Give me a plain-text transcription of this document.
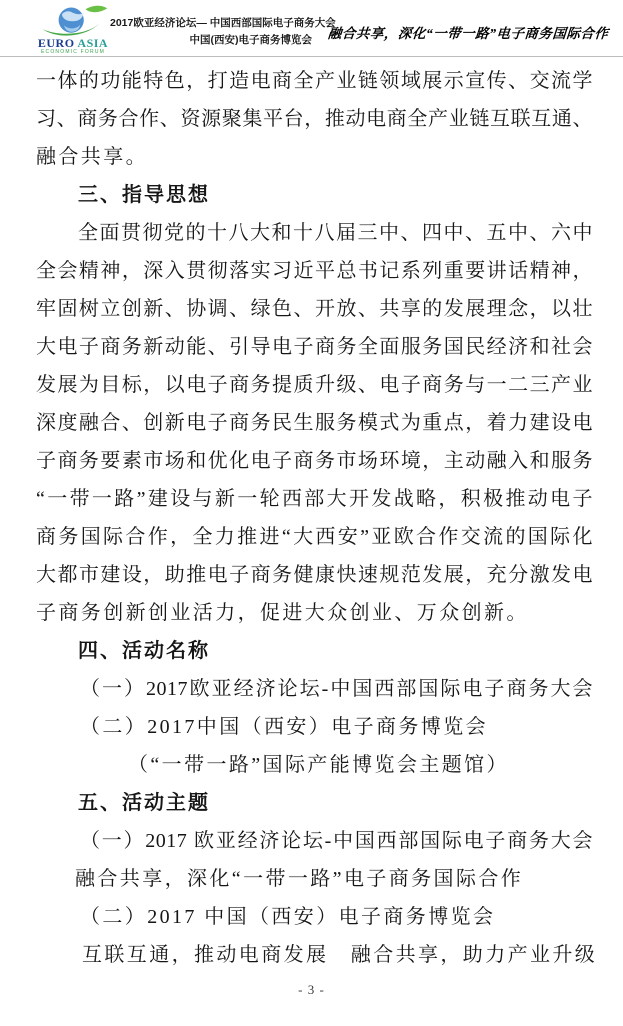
EURO ASIA
ECONOMIC FORUM
2017欧亚经济论坛— 中国西部国际电子商务大会
中国(西安)电子商务博览会 融合共享，深化“一带一路”电子商务国际合作
一体的功能特色，打造电商全产业链领域展示宣传、交流学
习、商务合作、资源聚集平台，推动电商全产业链互联互通、
融合共享。
三、指导思想
全面贯彻党的十八大和十八届三中、四中、五中、六中
全会精神，深入贯彻落实习近平总书记系列重要讲话精神，
牢固树立创新、协调、绿色、开放、共享的发展理念，以壮
大电子商务新动能、引导电子商务全面服务国民经济和社会
发展为目标，以电子商务提质升级、电子商务与一二三产业
深度融合、创新电子商务民生服务模式为重点，着力建设电
子商务要素市场和优化电子商务市场环境，主动融入和服务
“一带一路”建设与新一轮西部大开发战略，积极推动电子
商务国际合作，全力推进“大西安”亚欧合作交流的国际化
大都市建设，助推电子商务健康快速规范发展，充分激发电
子商务创新创业活力，促进大众创业、万众创新。
四、活动名称
（一）2017欧亚经济论坛-中国西部国际电子商务大会
（二）2017中国（西安）电子商务博览会
（“一带一路”国际产能博览会主题馆）
五、活动主题
（一）2017 欧亚经济论坛-中国西部国际电子商务大会
融合共享，深化“一带一路”电子商务国际合作
（二）2017 中国（西安）电子商务博览会
互联互通，推动电商发展　融合共享，助力产业升级
- 3 -
